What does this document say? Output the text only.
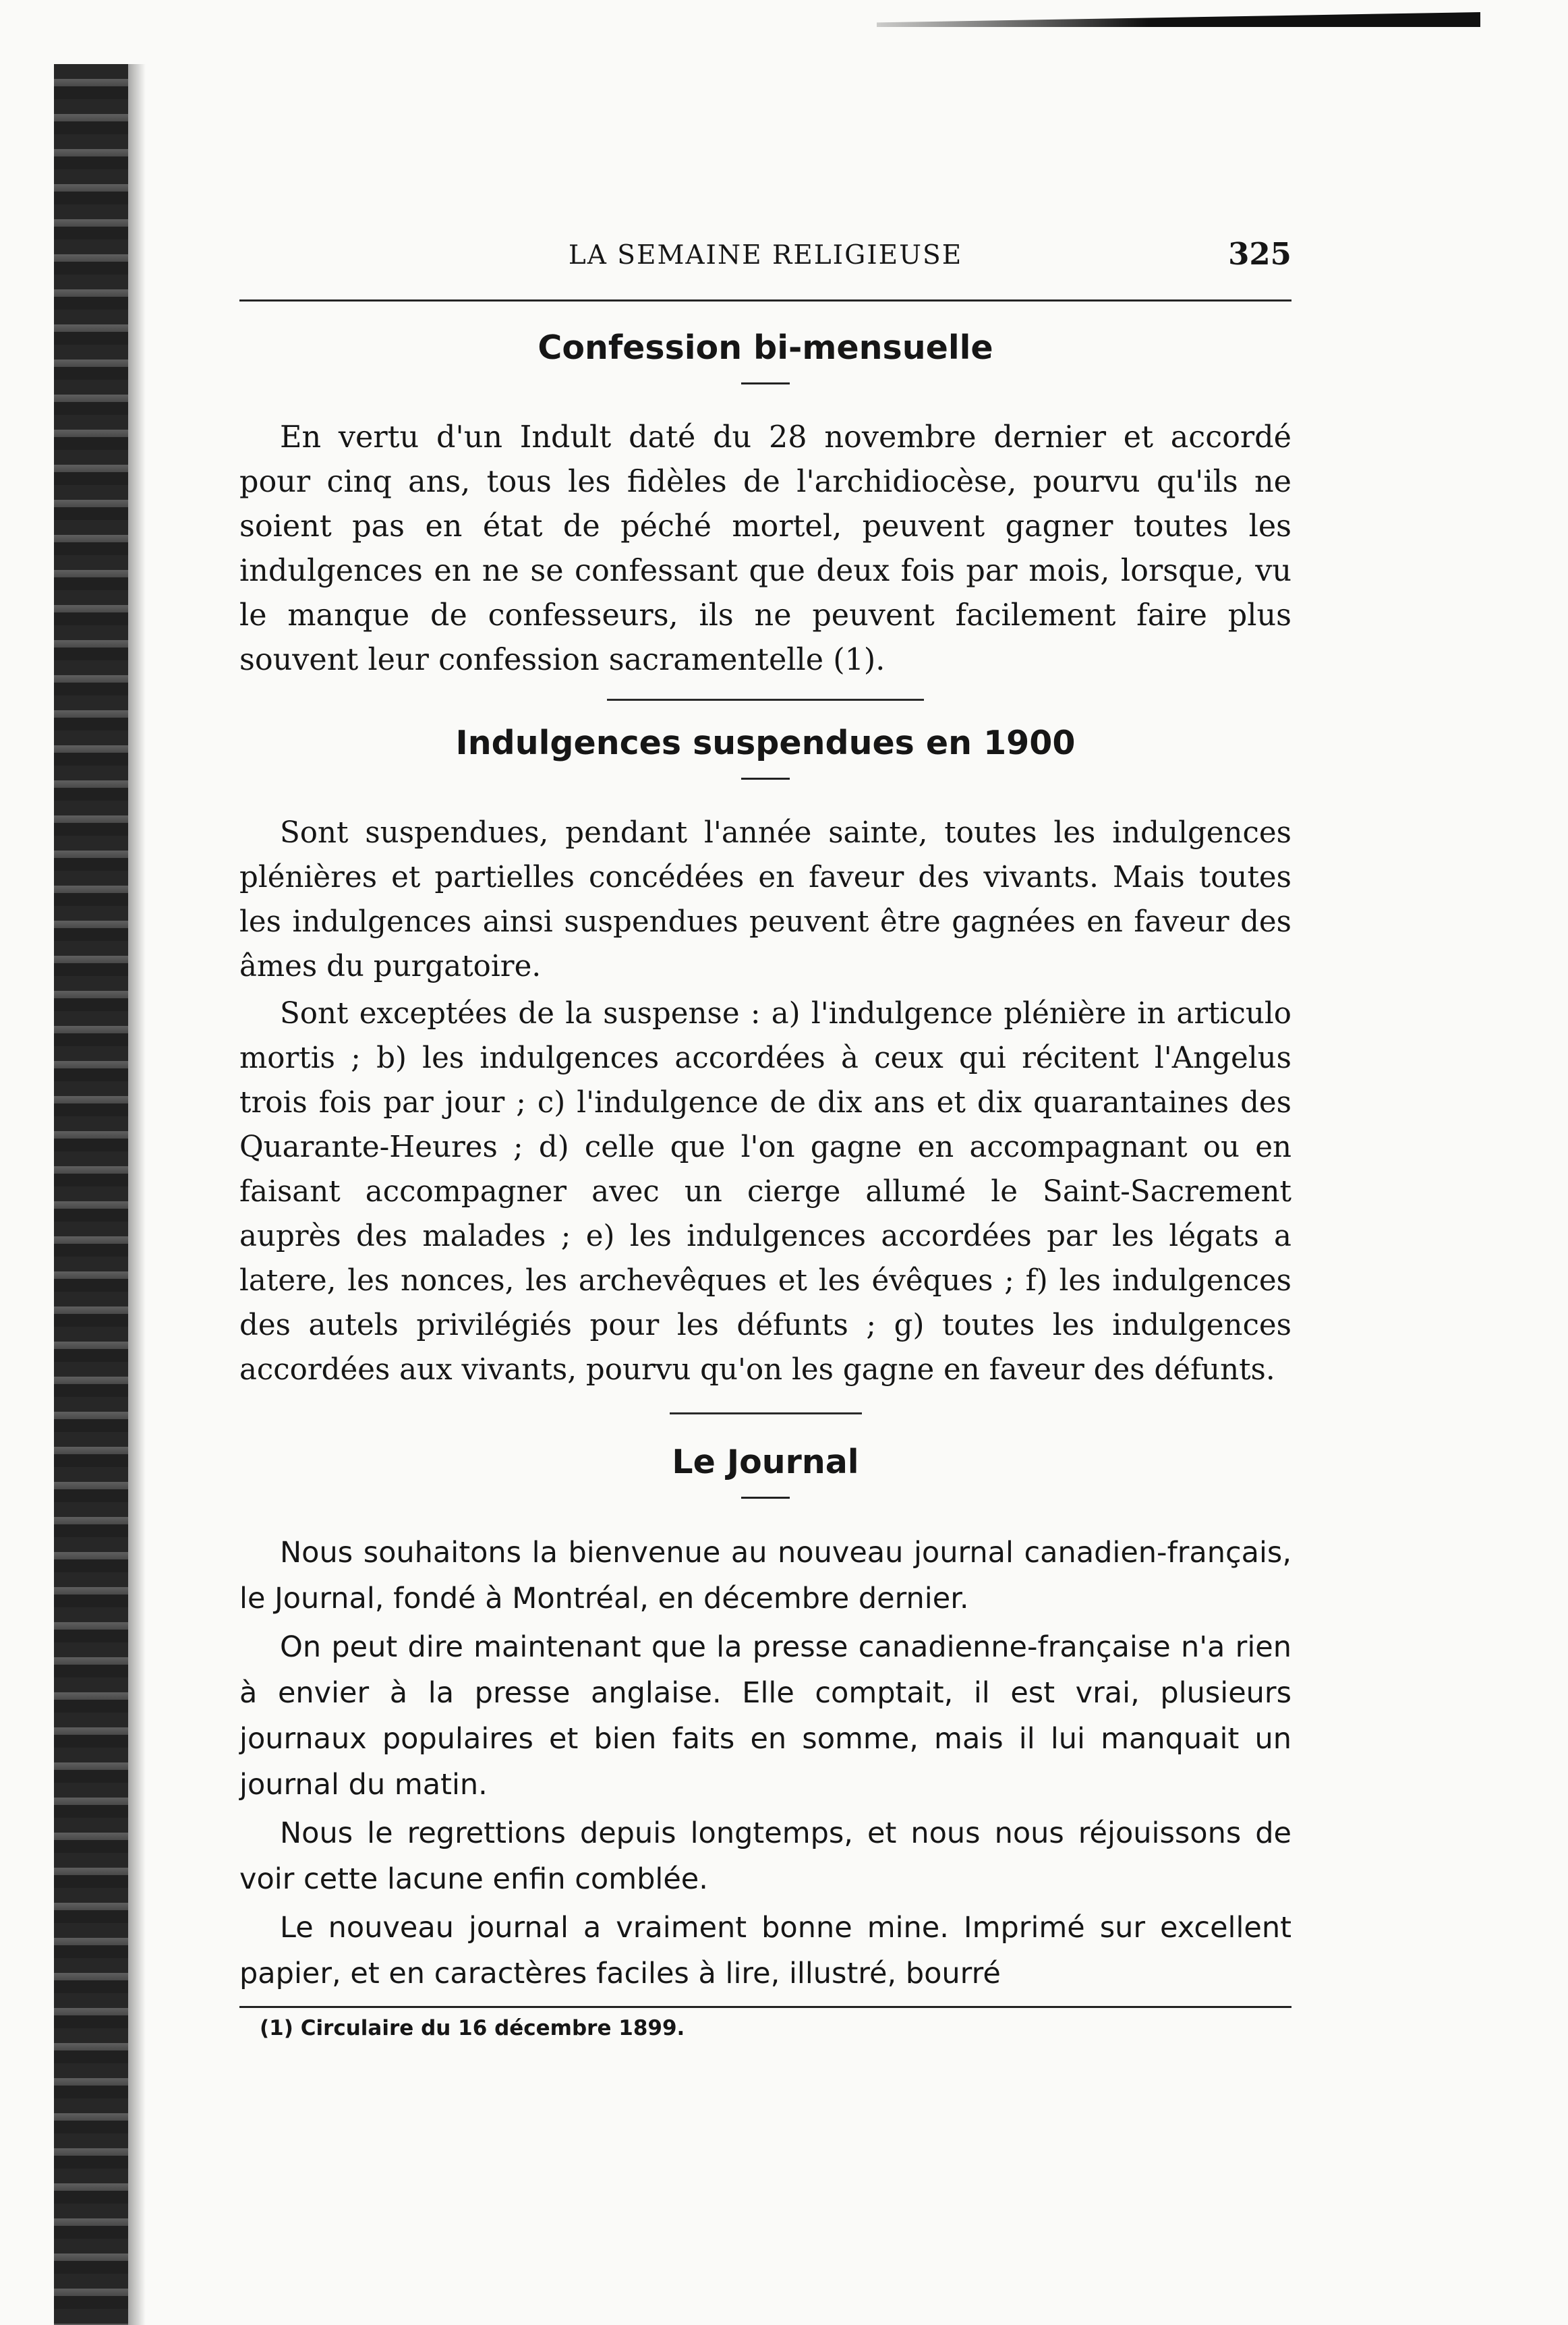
LA SEMAINE RELIGIEUSE	325
Confession bi-mensuelle

En vertu d'un Indult daté du 28 novembre dernier et accordé pour cinq ans, tous les fidèles de l'archidiocèse, pourvu qu'ils ne soient pas en état de péché mortel, peuvent gagner toutes les indulgences en ne se confessant que deux fois par mois, lorsque, vu le manque de confesseurs, ils ne peuvent facilement faire plus souvent leur confession sacramentelle (1).

Indulgences suspendues en 1900

Sont suspendues, pendant l'année sainte, toutes les indulgences plénières et partielles concédées en faveur des vivants. Mais toutes les indulgences ainsi suspendues peuvent être gagnées en faveur des âmes du purgatoire.

Sont exceptées de la suspense : a) l'indulgence plénière in articulo mortis ; b) les indulgences accordées à ceux qui récitent l'Angelus trois fois par jour ; c) l'indulgence de dix ans et dix quarantaines des Quarante-Heures ; d) celle que l'on gagne en accompagnant ou en faisant accompagner avec un cierge allumé le Saint-Sacrement auprès des malades ; e) les indulgences accordées par les légats a latere, les nonces, les archevêques et les évêques ; f) les indulgences des autels privilégiés pour les défunts ; g) toutes les indulgences accordées aux vivants, pourvu qu'on les gagne en faveur des défunts.

Le Journal

Nous souhaitons la bienvenue au nouveau journal canadien-français, le Journal, fondé à Montréal, en décembre dernier.

On peut dire maintenant que la presse canadienne-française n'a rien à envier à la presse anglaise. Elle comptait, il est vrai, plusieurs journaux populaires et bien faits en somme, mais il lui manquait un journal du matin.

Nous le regrettions depuis longtemps, et nous nous réjouissons de voir cette lacune enfin comblée.

Le nouveau journal a vraiment bonne mine. Imprimé sur excellent papier, et en caractères faciles à lire, illustré, bourré

(1) Circulaire du 16 décembre 1899.
